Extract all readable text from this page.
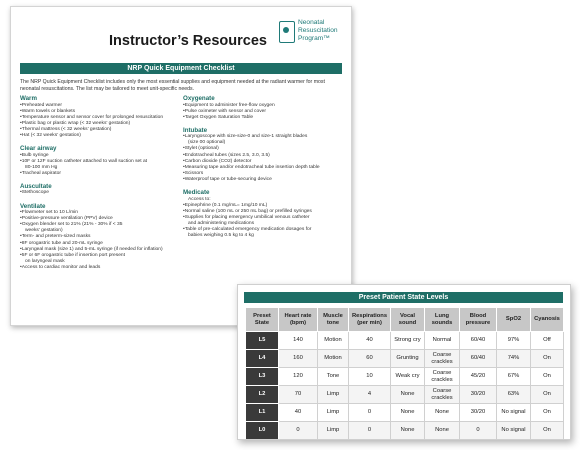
Instructor’s Resources
Neonatal
Resuscitation
Program™
NRP Quick Equipment Checklist

The NRP Quick Equipment Checklist includes only the most essential supplies and equipment needed at the radiant warmer for most neonatal resuscitations. The list may be tailored to meet unit-specific needs.

Warm
• Preheated warmer
• Warm towels or blankets
• Temperature sensor and sensor cover for prolonged resuscitation
• Plastic bag or plastic wrap (< 32 weeks’ gestation)
• Thermal mattress (< 32 weeks’ gestation)
• Hat (< 32 weeks’ gestation)
Clear airway
• Bulb syringe
• 10F or 12F suction catheter attached to wall suction set at
80-100 mm Hg
• Tracheal aspirator
Auscultate
• Stethoscope
Ventilate
• Flowmeter set to 10 L/min
• Positive-pressure ventilation (PPV) device
• Oxygen blender set to 21% (21% - 30% if < 35
weeks’ gestation)
• Term- and preterm-sized masks
• 8F orogastric tube and 20-mL syringe
• Laryngeal mask (size 1) and 5-mL syringe (if needed for inflation)
• 5F or 6F orogastric tube if insertion port present
on laryngeal mask
• Access to cardiac monitor and leads
Oxygenate
• Equipment to administer free-flow oxygen
• Pulse oximeter with sensor and cover
• Target Oxygen Saturation Table
Intubate
• Laryngoscope with size-size-0 and size-1 straight blades
(size 00 optional)
• Stylet (optional)
• Endotracheal tubes (sizes 2.5, 3.0, 3.5)
• Carbon dioxide (CO2) detector
• Measuring tape and/or endotracheal tube insertion depth table
• Scissors
• Waterproof tape or tube-securing device
Medicate
Access to:
• Epinephrine (0.1 mg/mL= 1mg/10 mL)
• Normal saline (100 mL or 250 mL bag) or prefilled syringes
• Supplies for placing emergency umbilical venous catheter
and administering medications
• Table of pre-calculated emergency medication dosages for
babies weighing 0.5 kg to 4 kg
Preset Patient State Levels
Preset State	Heart rate (bpm)	Muscle tone	Respirations (per min)	Vocal sound	Lung sounds	Blood pressure	SpO2	Cyanosis
L5	140	Motion	40	Strong cry	Normal	60/40	97%	Off
L4	160	Motion	60	Grunting	Coarse crackles	60/40	74%	On
L3	120	Tone	10	Weak cry	Coarse crackles	45/20	67%	On
L2	70	Limp	4	None	Coarse crackles	30/20	63%	On
L1	40	Limp	0	None	None	30/20	No signal	On
L0	0	Limp	0	None	None	0	No signal	On
